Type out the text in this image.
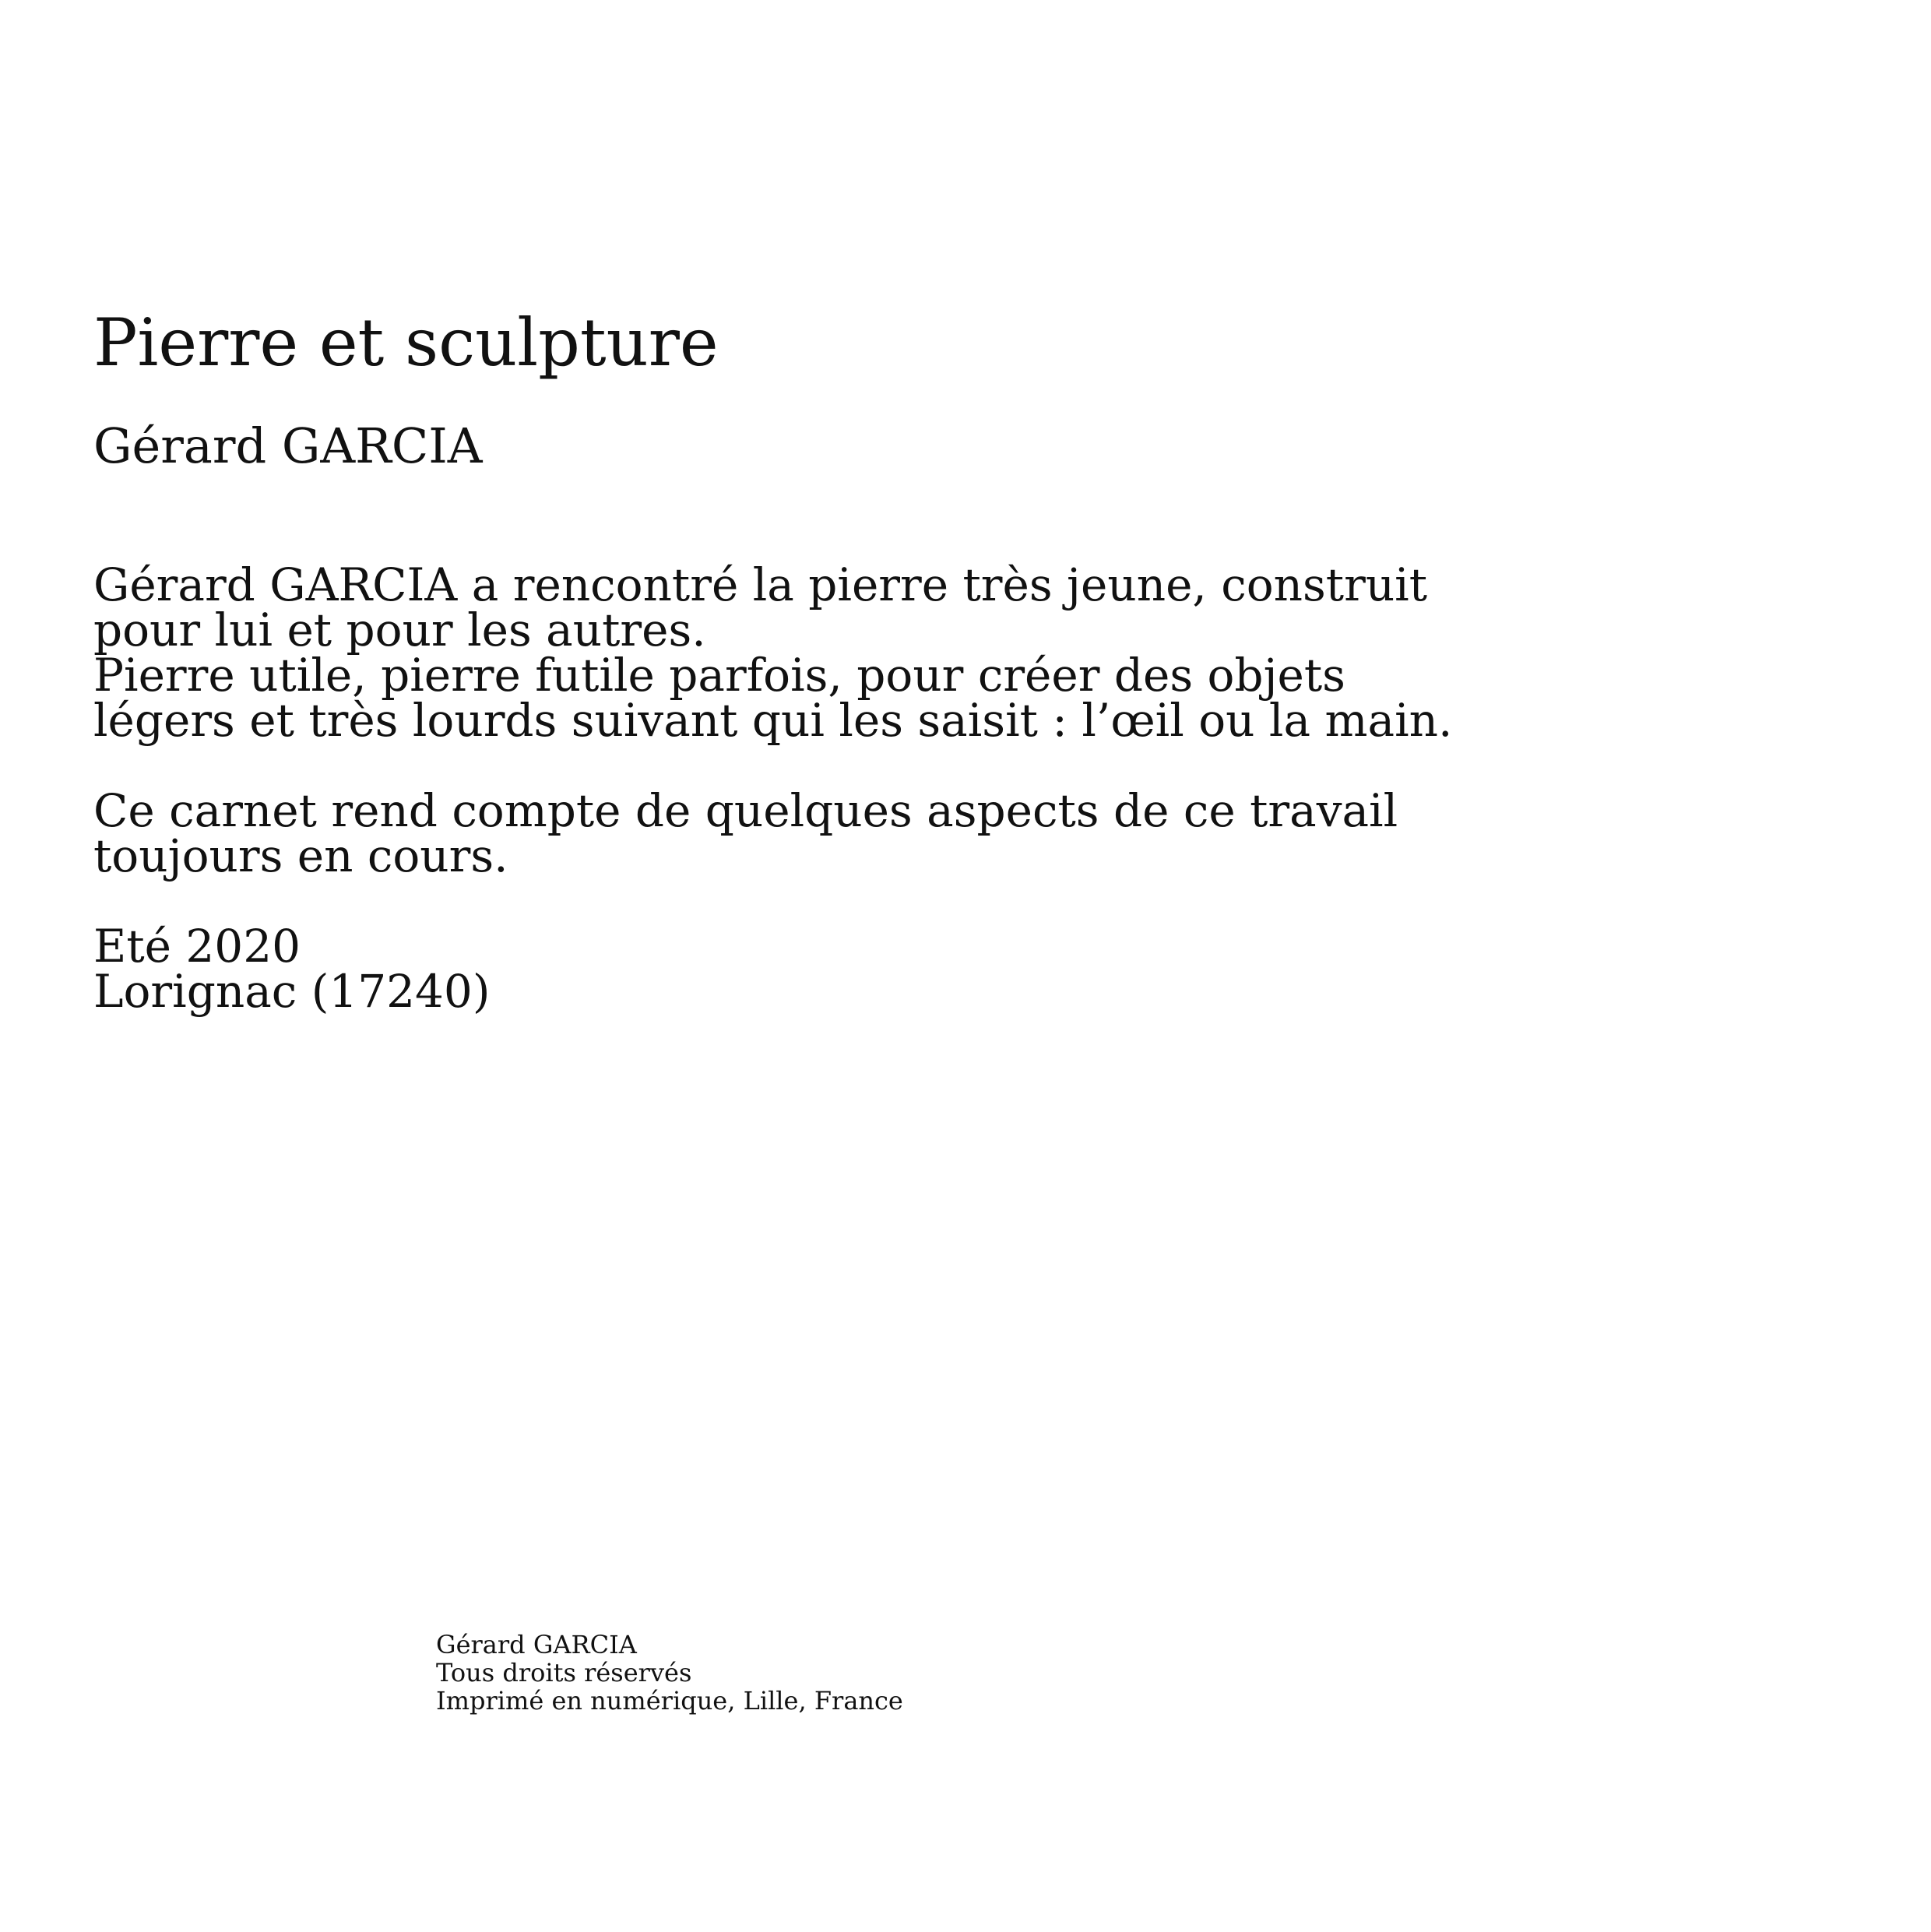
Pierre et sculpture
Gérard GARCIA
Gérard GARCIA a rencontré la pierre très jeune, construit
pour lui et pour les autres.
Pierre utile, pierre futile parfois, pour créer des objets
légers et très lourds suivant qui les saisit : l’œil ou la main.
Ce carnet rend compte de quelques aspects de ce travail
toujours en cours.
Eté 2020
Lorignac (17240)
Gérard GARCIA
Tous droits réservés
Imprimé en numérique, Lille, France
